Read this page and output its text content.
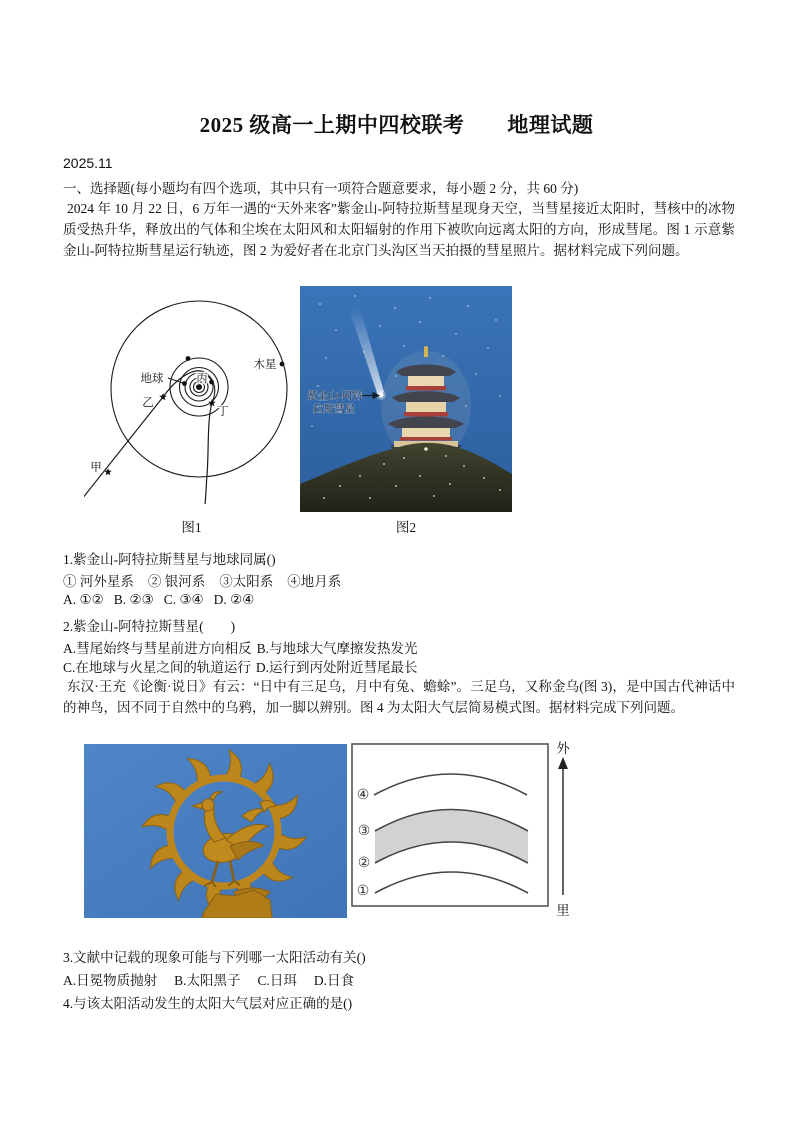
2025 级高一上期中四校联考　　地理试题
2025.11
一、选择题(每小题均有四个选项，其中只有一项符合题意要求，每小题 2 分，共 60 分)
2024 年 10 月 22 日，6 万年一遇的“天外来客”紫金山-阿特拉斯彗星现身天空，当彗星接近太阳时，彗核中的冰物质受热升华，释放出的气体和尘埃在太阳风和太阳辐射的作用下被吹向远离太阳的方向，形成彗尾。图 1 示意紫金山-阿特拉斯彗星运行轨迹，图 2 为爱好者在北京门头沟区当天拍摄的彗星照片。据材料完成下列问题。
地球	丙
乙
丁
甲
木星
图1
紫金山-阿特
拉斯彗星
图2
1.紫金山-阿特拉斯彗星与地球同属()
① 河外星系 ② 银河系 ③太阳系 ④地月系
A. ①② B. ②③ C. ③④ D. ②④
2.紫金山-阿特拉斯彗星(　　)
A.彗尾始终与彗星前进方向相反 B.与地球大气摩擦发热发光
C.在地球与火星之间的轨道运行 D.运行到丙处附近彗尾最长
东汉·王充《论衡·说日》有云：“日中有三足乌，月中有兔、蟾蜍”。三足乌，又称金乌(图 3)，是中国古代神话中的神鸟，因不同于自然中的乌鸦，加一脚以辨别。图 4 为太阳大气层简易模式图。据材料完成下列问题。
④
③
②
①
外
里
3.文献中记载的现象可能与下列哪一太阳活动有关()
A.日冕物质抛射 B.太阳黑子 C.日珥 D.日食
4.与该太阳活动发生的太阳大气层对应正确的是()
